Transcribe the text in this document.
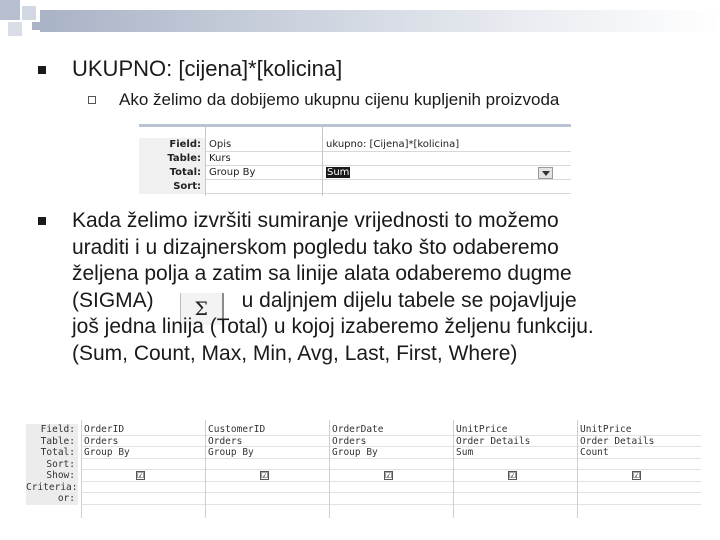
UKUPNO: [cijena]*[kolicina]
Ako želimo da dobijemo ukupnu cijenu kupljenih proizvoda
Field:
Table:
Total:
Sort:
Opis
Kurs
Group By
ukupno: [Cijena]*[kolicina]
Sum
Kada želimo izvršiti sumiranje vrijednosti to možemo
uraditi i u dizajnerskom pogledu tako što odaberemo
željena polja a zatim sa linije alata odaberemo dugme
(SIGMA) Σ u daljnjem dijelu tabele se pojavljuje
još jedna linija (Total) u kojoj izaberemo željenu funkciju.
(Sum, Count, Max, Min, Avg, Last, First, Where)
Field:
Table:
Total:
Sort:
Show:
Criteria:
or:
OrderID
Orders
Group By
☑
CustomerID
Orders
Group By
☑
OrderDate
Orders
Group By
☑
UnitPrice
Order Details
Sum
☑
UnitPrice
Order Details
Count
☑
